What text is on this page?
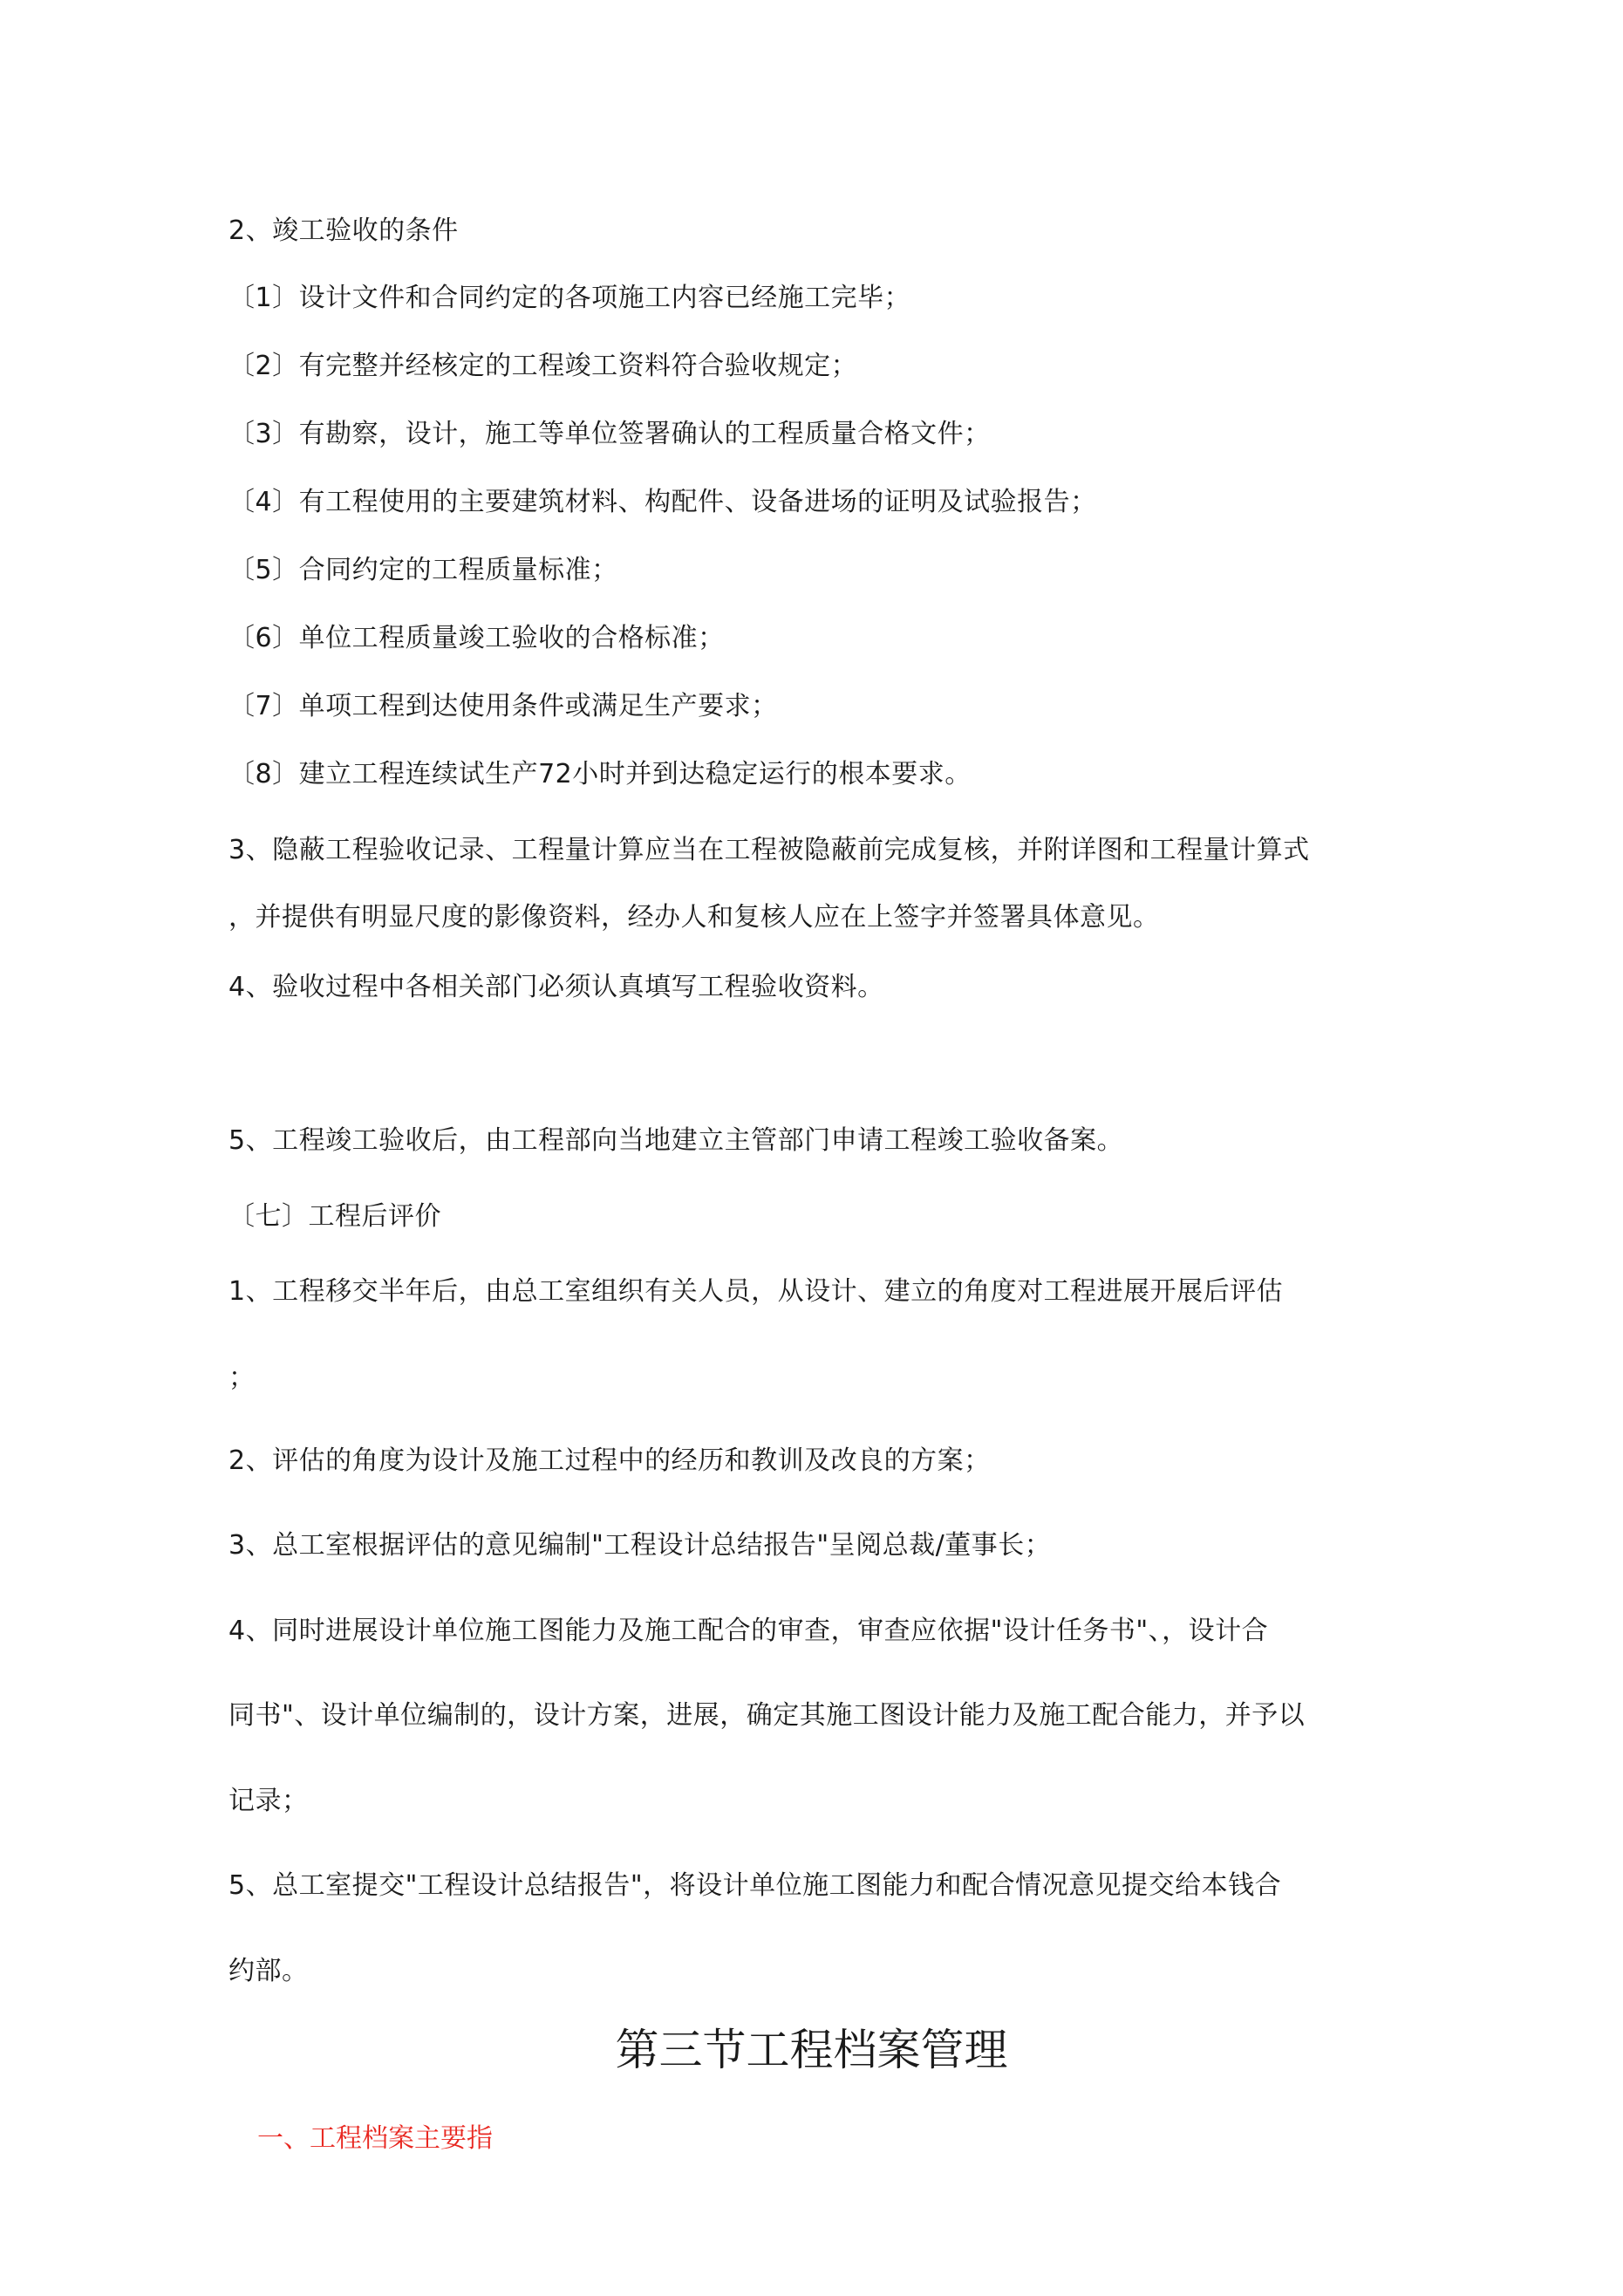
2、竣工验收的条件
〔1〕设计文件和合同约定的各项施工内容已经施工完毕；
〔2〕有完整并经核定的工程竣工资料符合验收规定；
〔3〕有勘察，设计，施工等单位签署确认的工程质量合格文件；
〔4〕有工程使用的主要建筑材料、构配件、设备进场的证明及试验报告；
〔5〕合同约定的工程质量标准；
〔6〕单位工程质量竣工验收的合格标准；
〔7〕单项工程到达使用条件或满足生产要求；
〔8〕建立工程连续试生产72小时并到达稳定运行的根本要求。
3、隐蔽工程验收记录、工程量计算应当在工程被隐蔽前完成复核，并附详图和工程量计算式
，并提供有明显尺度的影像资料，经办人和复核人应在上签字并签署具体意见。
4、验收过程中各相关部门必须认真填写工程验收资料。
5、工程竣工验收后，由工程部向当地建立主管部门申请工程竣工验收备案。
〔七〕工程后评价
1、工程移交半年后，由总工室组织有关人员，从设计、建立的角度对工程进展开展后评估
；
2、评估的角度为设计及施工过程中的经历和教训及改良的方案；
3、总工室根据评估的意见编制"工程设计总结报告"呈阅总裁/董事长；
4、同时进展设计单位施工图能力及施工配合的审查，审查应依据"设计任务书"、，设计合
同书"、设计单位编制的，设计方案，进展，确定其施工图设计能力及施工配合能力，并予以
记录；
5、总工室提交"工程设计总结报告"，将设计单位施工图能力和配合情况意见提交给本钱合
约部。
第三节工程档案管理
一、工程档案主要指
